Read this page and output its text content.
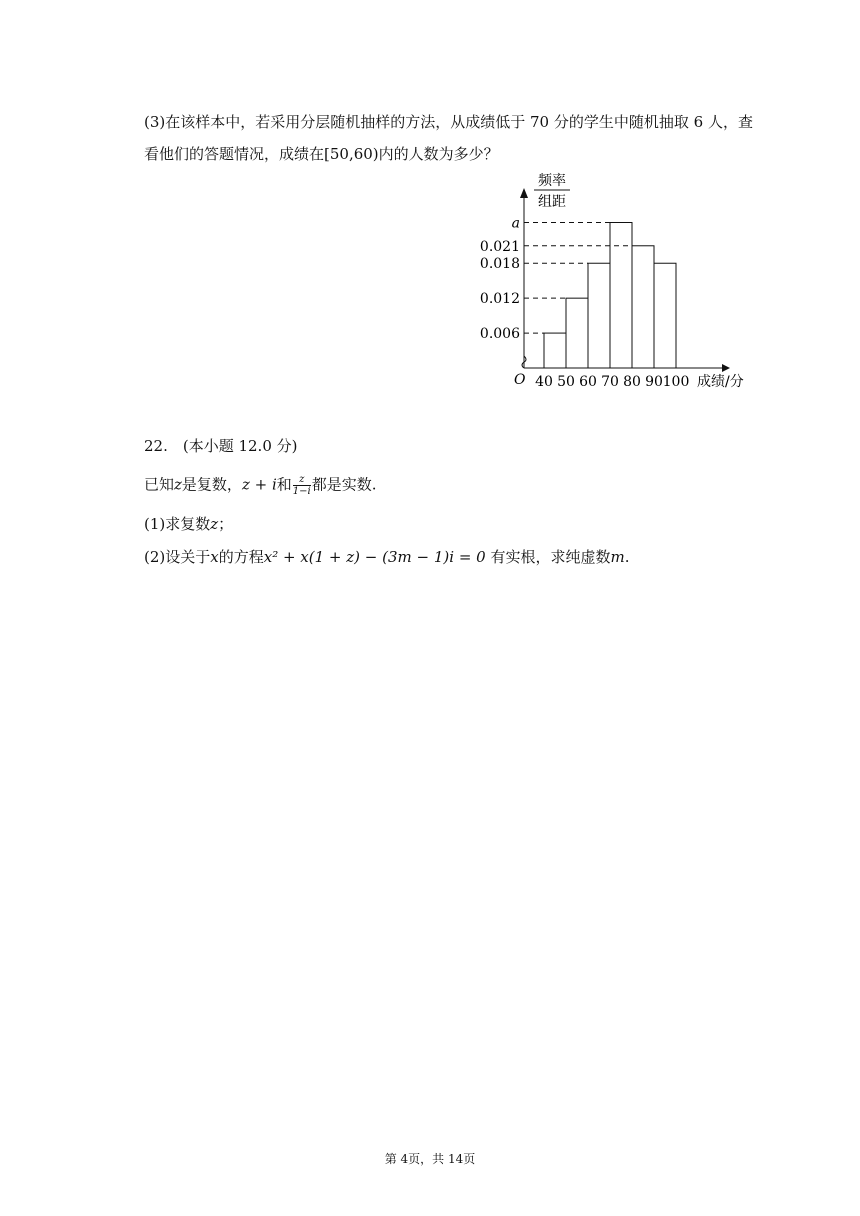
(3)在该样本中，若采用分层随机抽样的方法，从成绩低于 70 分的学生中随机抽取 6 人，查
看他们的答题情况，成绩在[50,60)内的人数为多少？
0.006
0.012
0.018
0.021
a
40 50 60 70 80 90 100
频率
组距
O	成绩/分
22.　(本小题 12.0 分)
已知z是复数，z + i和 $\frac{z}{1-i}$ 都是实数.
(1)求复数z；
(2)设关于x的方程x² + x(1 + z) − (3m − 1)i = 0 有实根，求纯虚数m.
第 4页，共 14页
